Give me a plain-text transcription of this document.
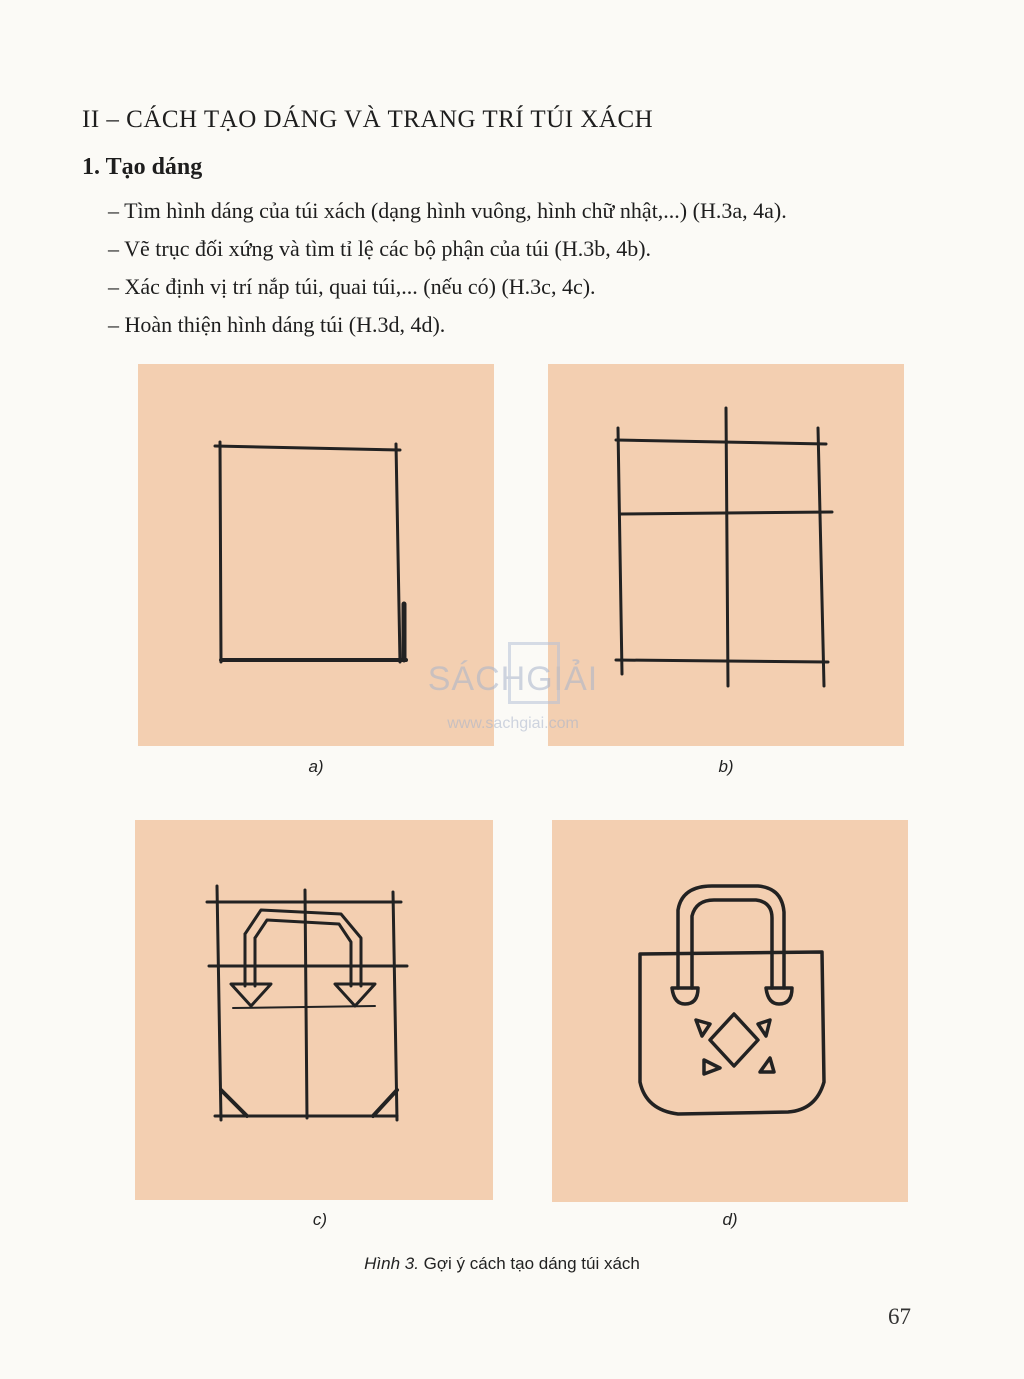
II – CÁCH TẠO DÁNG VÀ TRANG TRÍ TÚI XÁCH
1. Tạo dáng
– Tìm hình dáng của túi xách (dạng hình vuông, hình chữ nhật,...) (H.3a, 4a).
– Vẽ trục đối xứng và tìm tỉ lệ các bộ phận của túi (H.3b, 4b).
– Xác định vị trí nắp túi, quai túi,... (nếu có) (H.3c, 4c).
– Hoàn thiện hình dáng túi (H.3d, 4d).
a)	b)
c)	d)
SÁCHGIẢI
www.sachgiai.com
Hình 3. Gợi ý cách tạo dáng túi xách
67
